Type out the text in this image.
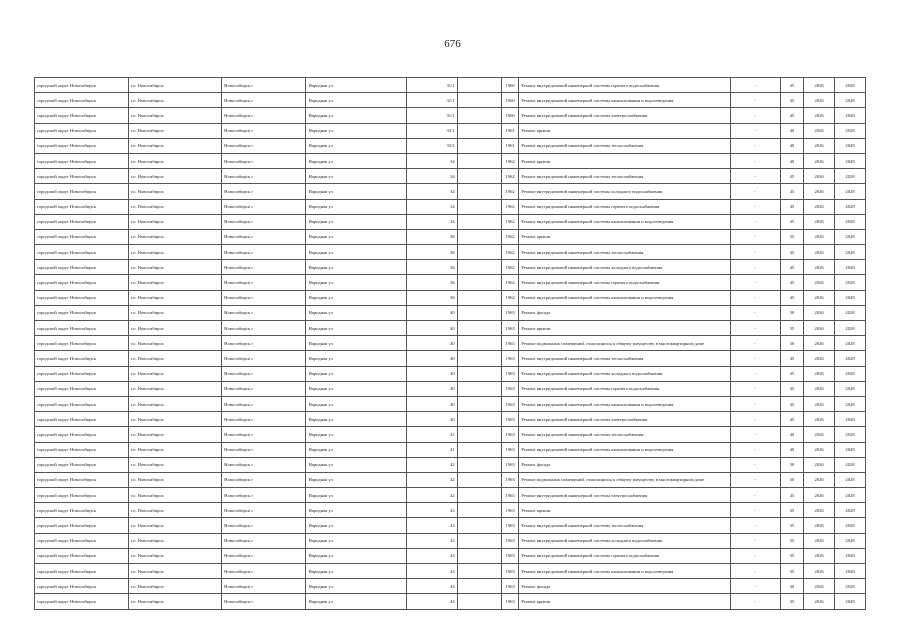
676
городской округ Новосибирск	г.о. Новосибирск	Новосибирск г	Народная ул	31/1		1960	Ремонт внутридомовой инженерной системы горячего водоснабжения	-	45	2026	2028
городской округ Новосибирск	г.о. Новосибирск	Новосибирск г	Народная ул	31/1		1960	Ремонт внутридомовой инженерной системы канализования и водоотведения	-	45	2026	2028
городской округ Новосибирск	г.о. Новосибирск	Новосибирск г	Народная ул	31/1		1960	Ремонт внутридомовой инженерной системы электроснабжения	-	45	2026	2028
городской округ Новосибирск	г.о. Новосибирск	Новосибирск г	Народная ул	33/1		1961	Ремонт крыши	-	40	2026	2028
городской округ Новосибирск	г.о. Новосибирск	Новосибирск г	Народная ул	33/1		1961	Ремонт внутридомовой инженерной системы теплоснабжения	-	40	2026	2028
городской округ Новосибирск	г.о. Новосибирск	Новосибирск г	Народная ул	34		1962	Ремонт крыши	-	40	2026	2028
городской округ Новосибирск	г.о. Новосибирск	Новосибирск г	Народная ул	34		1962	Ремонт внутридомовой инженерной системы теплоснабжения	-	45	2026	2028
городской округ Новосибирск	г.о. Новосибирск	Новосибирск г	Народная ул	34		1962	Ремонт внутридомовой инженерной системы холодного водоснабжения	-	45	2026	2028
городской округ Новосибирск	г.о. Новосибирск	Новосибирск г	Народная ул	34		1962	Ремонт внутридомовой инженерной системы горячего водоснабжения	-	45	2026	2028
городской округ Новосибирск	г.о. Новосибирск	Новосибирск г	Народная ул	34		1962	Ремонт внутридомовой инженерной системы канализования и водоотведения	-	45	2026	2028
городской округ Новосибирск	г.о. Новосибирск	Новосибирск г	Народная ул	36		1962	Ремонт крыши	-	35	2026	2028
городской округ Новосибирск	г.о. Новосибирск	Новосибирск г	Народная ул	36		1962	Ремонт внутридомовой инженерной системы теплоснабжения	-	45	2026	2028
городской округ Новосибирск	г.о. Новосибирск	Новосибирск г	Народная ул	36		1962	Ремонт внутридомовой инженерной системы холодного водоснабжения	-	45	2026	2028
городской округ Новосибирск	г.о. Новосибирск	Новосибирск г	Народная ул	36		1962	Ремонт внутридомовой инженерной системы горячего водоснабжения	-	45	2026	2028
городской округ Новосибирск	г.о. Новосибирск	Новосибирск г	Народная ул	36		1962	Ремонт внутридомовой инженерной системы канализования и водоотведения	-	45	2026	2028
городской округ Новосибирск	г.о. Новосибирск	Новосибирск г	Народная ул	40		1963	Ремонт фасада	-	30	2026	2028
городской округ Новосибирск	г.о. Новосибирск	Новосибирск г	Народная ул	40		1963	Ремонт крыши	-	35	2026	2028
городской округ Новосибирск	г.о. Новосибирск	Новосибирск г	Народная ул	40		1963	Ремонт подвальных помещений, относящихся к общему имуществу в многоквартирном доме	-	30	2026	2028
городской округ Новосибирск	г.о. Новосибирск	Новосибирск г	Народная ул	40		1963	Ремонт внутридомовой инженерной системы теплоснабжения	-	45	2026	2028
городской округ Новосибирск	г.о. Новосибирск	Новосибирск г	Народная ул	40		1963	Ремонт внутридомовой инженерной системы холодного водоснабжения	-	45	2026	2028
городской округ Новосибирск	г.о. Новосибирск	Новосибирск г	Народная ул	40		1963	Ремонт внутридомовой инженерной системы горячего водоснабжения	-	45	2026	2028
городской округ Новосибирск	г.о. Новосибирск	Новосибирск г	Народная ул	40		1963	Ремонт внутридомовой инженерной системы канализования и водоотведения	-	45	2026	2028
городской округ Новосибирск	г.о. Новосибирск	Новосибирск г	Народная ул	40		1963	Ремонт внутридомовой инженерной системы электроснабжения	-	45	2026	2028
городской округ Новосибирск	г.о. Новосибирск	Новосибирск г	Народная ул	41		1963	Ремонт внутридомовой инженерной системы теплоснабжения	-	40	2026	2028
городской округ Новосибирск	г.о. Новосибирск	Новосибирск г	Народная ул	41		1963	Ремонт внутридомовой инженерной системы канализования и водоотведения	-	40	2026	2028
городской округ Новосибирск	г.о. Новосибирск	Новосибирск г	Народная ул	42		1963	Ремонт фасада	-	30	2026	2028
городской округ Новосибирск	г.о. Новосибирск	Новосибирск г	Народная ул	42		1963	Ремонт подвальных помещений, относящихся к общему имуществу в многоквартирном доме	-	30	2026	2028
городской округ Новосибирск	г.о. Новосибирск	Новосибирск г	Народная ул	42		1963	Ремонт внутридомовой инженерной системы электроснабжения	-	45	2026	2028
городской округ Новосибирск	г.о. Новосибирск	Новосибирск г	Народная ул	43		1963	Ремонт крыши	-	35	2026	2028
городской округ Новосибирск	г.о. Новосибирск	Новосибирск г	Народная ул	43		1963	Ремонт внутридомовой инженерной системы теплоснабжения	-	35	2026	2028
городской округ Новосибирск	г.о. Новосибирск	Новосибирск г	Народная ул	43		1963	Ремонт внутридомовой инженерной системы холодного водоснабжения	-	35	2026	2028
городской округ Новосибирск	г.о. Новосибирск	Новосибирск г	Народная ул	43		1963	Ремонт внутридомовой инженерной системы горячего водоснабжения	-	35	2026	2028
городской округ Новосибирск	г.о. Новосибирск	Новосибирск г	Народная ул	43		1963	Ремонт внутридомовой инженерной системы канализования и водоотведения	-	35	2026	2028
городской округ Новосибирск	г.о. Новосибирск	Новосибирск г	Народная ул	44		1963	Ремонт фасада	-	30	2026	2028
городской округ Новосибирск	г.о. Новосибирск	Новосибирск г	Народная ул	44		1963	Ремонт крыши	-	35	2026	2028
